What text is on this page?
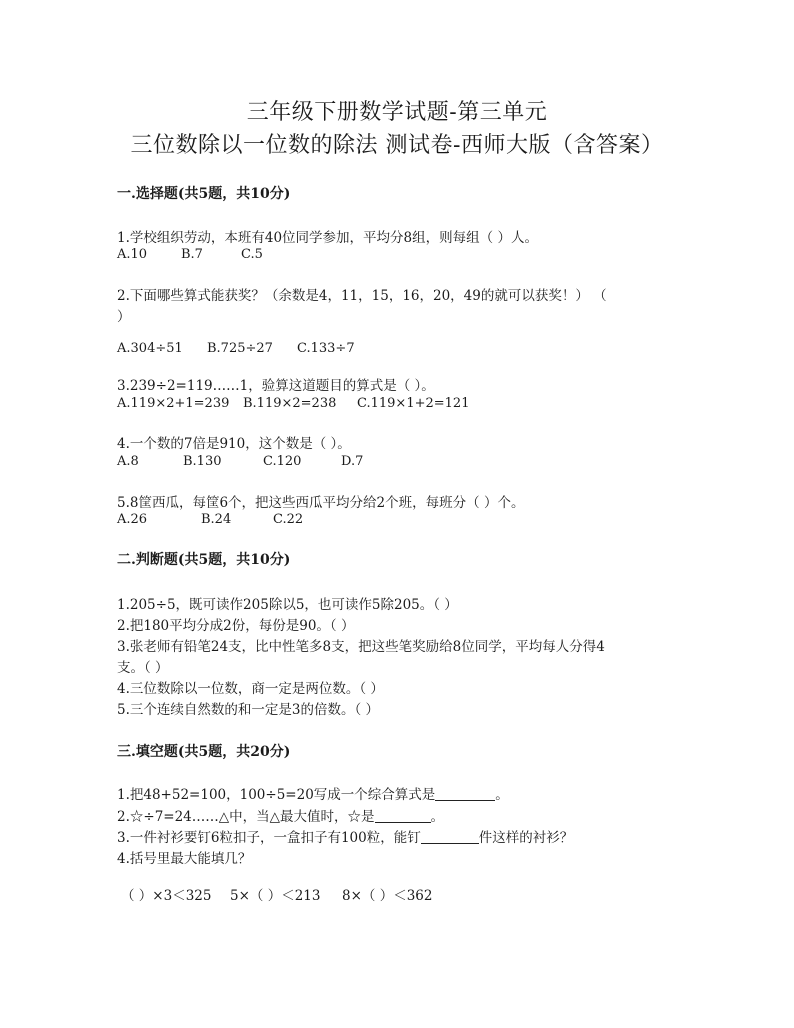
三年级下册数学试题-第三单元
三位数除以一位数的除法 测试卷-西师大版（含答案）
一.选择题(共5题，共10分)
1.学校组织劳动，本班有40位同学参加，平均分8组，则每组（ ）人。
A.10	B.7	C.5
2.下面哪些算式能获奖？（余数是4，11，15，16，20，49的就可以获奖！） （
）
A.304÷51 B.725÷27 C.133÷7
3.239÷2=119……1，验算这道题目的算式是（ ）。
A.119×2+1=239 B.119×2=238 C.119×1+2=121
4.一个数的7倍是910，这个数是（ ）。
A.8	B.130	C.120	D.7
5.8筐西瓜，每筐6个，把这些西瓜平均分给2个班，每班分（ ）个。
A.26	B.24	C.22
二.判断题(共5题，共10分)
1.205÷5，既可读作205除以5，也可读作5除205。（ ）
2.把180平均分成2份，每份是90。（ ）
3.张老师有铅笔24支，比中性笔多8支，把这些笔奖励给8位同学，平均每人分得4
支。（ ）
4.三位数除以一位数，商一定是两位数。（ ）
5.三个连续自然数的和一定是3的倍数。（ ）
三.填空题(共5题，共20分)
1.把48+52=100，100÷5=20写成一个综合算式是	。
2.☆÷7=24……△中，当△最大值时，☆是	。
3.一件衬衫要钉6粒扣子，一盒扣子有100粒，能钉	件这样的衬衫？
4.括号里最大能填几？
（ ）×3＜325 5×（ ）＜213 8×（ ）＜362
